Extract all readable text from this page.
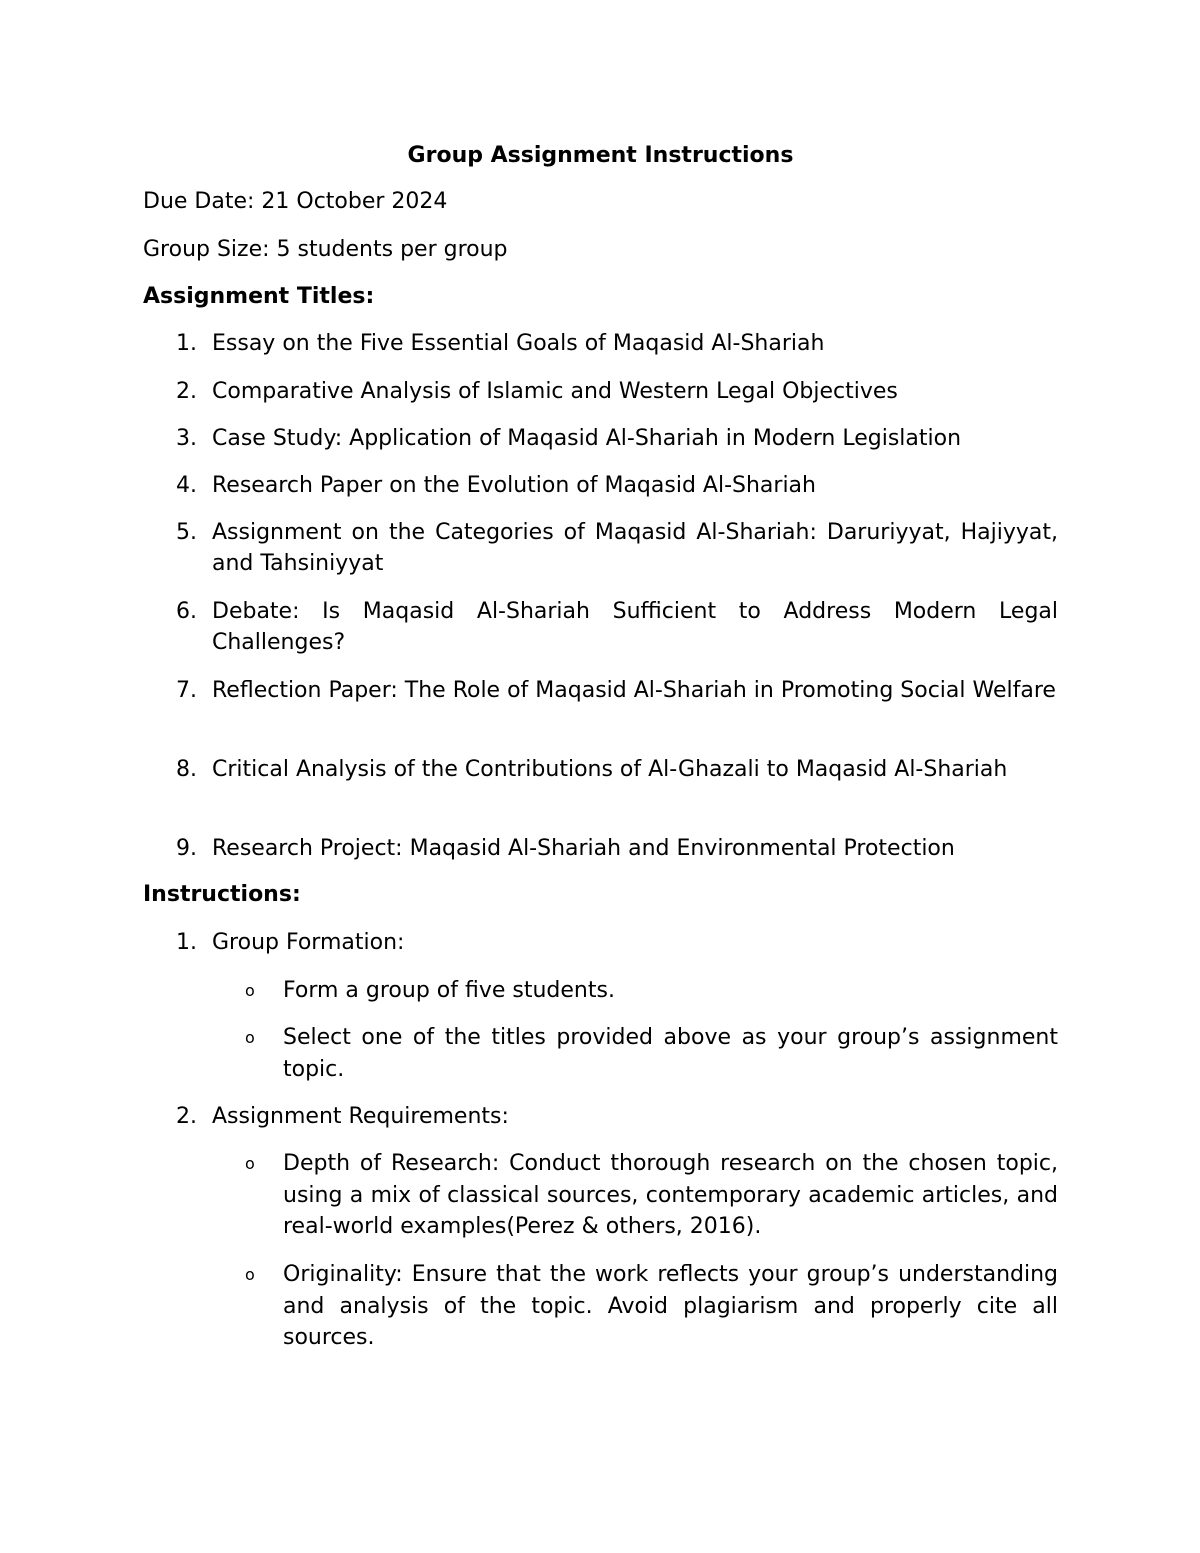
Group Assignment Instructions
Due Date: 21 October 2024
Group Size: 5 students per group
Assignment Titles:
1. Essay on the Five Essential Goals of Maqasid Al-Shariah
2. Comparative Analysis of Islamic and Western Legal Objectives
3. Case Study: Application of Maqasid Al-Shariah in Modern Legislation
4. Research Paper on the Evolution of Maqasid Al-Shariah
5. Assignment on the Categories of Maqasid Al-Shariah: Daruriyyat, Hajiyyat, and Tahsiniyyat
6. Debate: Is Maqasid Al-Shariah Sufficient to Address Modern Legal Challenges?
7. Reflection Paper: The Role of Maqasid Al-Shariah in Promoting Social Welfare
8. Critical Analysis of the Contributions of Al-Ghazali to Maqasid Al-Shariah
9. Research Project: Maqasid Al-Shariah and Environmental Protection
Instructions:
1. Group Formation:
o Form a group of five students.
o Select one of the titles provided above as your group’s assignment topic.
2. Assignment Requirements:
o Depth of Research: Conduct thorough research on the chosen topic, using a mix of classical sources, contemporary academic articles, and real-world examples(Perez & others, 2016).
o Originality: Ensure that the work reflects your group’s understanding and analysis of the topic. Avoid plagiarism and properly cite all sources.
